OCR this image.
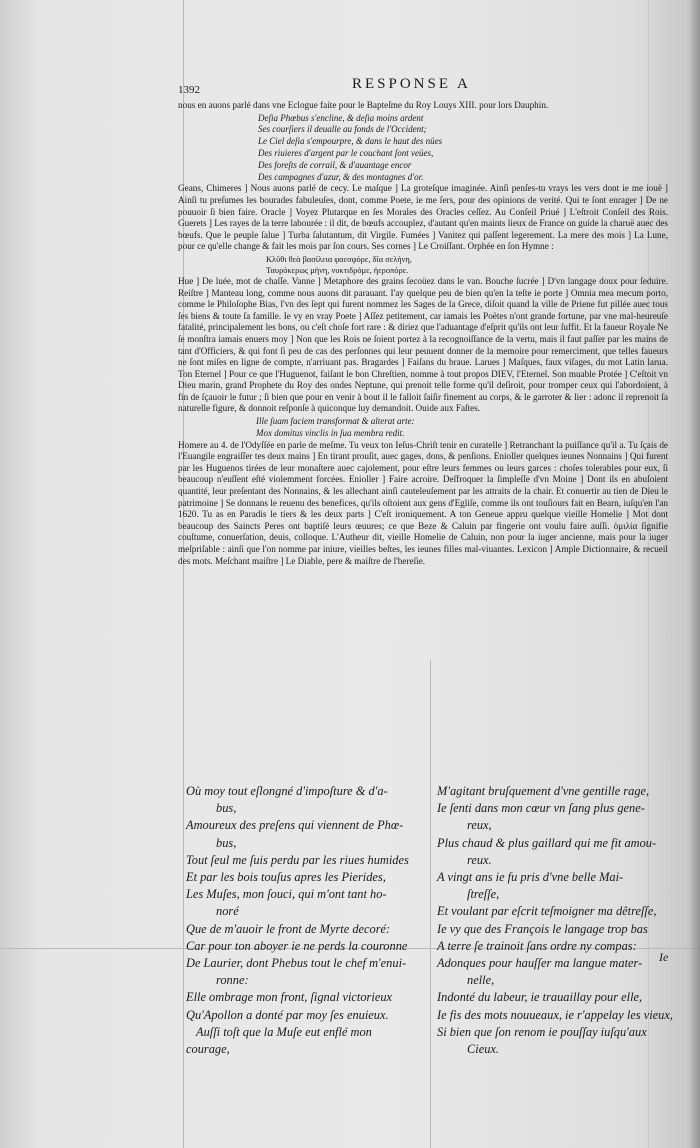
1392	RESPONSE A

nous en auons parlé dans vne Eclogue faite pour le Bapteſme du Roy Louys XIII. pour lors Dauphin.

Deſia Phœbus s'encline, & deſia moins ardent
Ses courſiers il deualle au fonds de l'Occident;
Le Ciel deſia s'empourpre, & dans le haut des nües
Des riuieres d'argent par le couchant ſont veües,
Des foreſts de corrail, & d'auantage encor
Des campagnes d'azur, & des montagnes d'or.

Geans, Chimeres ] Nous auons parlé de cecy. Le maſque ] La groteſque imaginée. Ainſi penſes-tu vrays les vers dont ie me iouë ] Ainſi tu preſumes les bourades fabuleuſes, dont, comme Poete, ie me ſers, pour des opinions de verité. Qui te ſont enrager ] De ne pouuoir ſi bien faire. Oracle ] Voyez Plutarque en ſes Morales des Oracles ceſſez. Au Conſeil Priué ] L'eſtroit Conſeil des Rois. Guerets ] Les rayes de la terre labourée : il dit, de bœufs accouplez, d'autant qu'en maints lieux de France on guide la charuë auec des bœufs. Que le peuple ſalue ] Turba ſalutantum, dit Virgile. Fumées ] Vanitez qui paſſent legerement. La mere des mois ] La Lune, pour ce qu'elle change & fait les mois par ſon cours. Ses cornes ] Le Croiſſant. Orphée en ſon Hymne :

Κλῦθι θεὰ βασίλεια φαεσφόρε, δῖα σελήνη,
Ταυρόκερως μήνη, νυκτιδρόμε, ἠεροπόρε.

Hue ] De luée, mot de chaſſe. Vanne ] Metaphore des grains ſecoüez dans le van. Bouche ſucrée ] D'vn langage doux pour ſeduire. Reiſtre ] Manteau long, comme nous auons dit parauant. I'ay quelque peu de bien qu'en la teſte ie porte ] Omnia mea mecum porto, comme le Philoſophe Bias, l'vn des ſept qui furent nommez les Sages de la Grece, diſoit quand la ville de Priene fut pillée auec tous ſes biens & toute ſa famille. Ie vy en vray Poete ] Aſſez petitement, car iamais les Poëtes n'ont grande fortune, par vne mal-heureuſe fatalité, principalement les bons, ou c'eſt choſe fort rare : & diriez que l'aduantage d'eſprit qu'ils ont leur ſuffit. Et la faueur Royale Ne ſe monſtra iamais enuers moy ] Non que les Rois ne ſoient portez à la recognoiſſance de la vertu, mais il faut paſſer par les mains de tant d'Officiers, & qui font ſi peu de cas des perſonnes qui leur peuuent donner de la memoire pour remerciment, que telles faueurs ne ſont miſes en ligne de compte, n'arriuant pas. Bragardes ] Faiſans du braue. Larues ] Maſques, faux viſages, du mot Latin larua. Ton Eternel ] Pour ce que l'Huguenot, faiſant le bon Chreſtien, nomme à tout propos DIEV, l'Eternel. Son muable Protée ] C'eſtoit vn Dieu marin, grand Prophete du Roy des ondes Neptune, qui prenoit telle forme qu'il deſiroit, pour tromper ceux qui l'abordoient, à fin de ſçauoir le futur ; ſi bien que pour en venir à bout il le falloit ſaiſir finement au corps, & le garroter & lier : adonc il reprenoit ſa naturelle figure, & donnoit reſponſe à quiconque luy demandoit. Ouide aux Faſtes.

Ille ſuam faciem transformat & alterat arte:
Mox domitus vinclis in ſua membra redit.

Homere au 4. de l'Odyſſée en parle de meſme. Tu veux ton Ieſus-Chriſt tenir en curatelle ] Retranchant la puiſſance qu'il a. Tu ſçais de l'Euangile engraiſſer tes deux mains ] En tirant prouſit, auec gages, dons, & penſions. Enioller quelques ieunes Nonnains ] Qui furent par les Huguenos tirées de leur monaſtere auec cajolement, pour eſtre leurs femmes ou leurs garces : choſes tolerables pour eux, ſi beaucoup n'euſſent eſté violemment forcées. Enioller ] Faire acroire. Deſfroquer la ſimpleſſe d'vn Moine ] Dont ils en abuſoient quantité, leur preſentant des Nonnains, & les allechant ainſi cauteleuſement par les attraits de la chair. Et conuertir au tien de Dieu le patrimoine ] Se donnans le reuenu des benefices, qu'ils oſtoient aux gens d'Egliſe, comme ils ont touſiours fait en Bearn, iuſqu'en l'an 1620. Tu as en Paradis le tiers & les deux parts ] C'eſt ironiquement. A ton Geneue appru quelque vieille Homelie ] Mot dont beaucoup des Saincts Peres ont baptiſé leurs œuures; ce que Beze & Caluin par fingerie ont voulu faire auſſi. ὁμιλία ſignifie couſtume, conuerſation, deuis, colloque. L'Autheur dit, vieille Homelie de Caluin, non pour la iuger ancienne, mais pour la iuger meſpriſable : ainſi que l'on nomme par iniure, vieilles beſtes, les ieunes filles mal-viuantes. Lexicon ] Ample Dictionnaire, & recueil des mots. Meſchant maiſtre ] Le Diable, pere & maiſtre de l'hereſie.

Où moy tout eſlongné d'impoſture & d'a-
bus,
Amoureux des preſens qui viennent de Phœ-
bus,
Tout ſeul me ſuis perdu par les riues humides
Et par les bois touſus apres les Pierides,
Les Muſes, mon ſouci, qui m'ont tant ho-
noré
Que de m'auoir le front de Myrte decoré:
Car pour ton aboyer ie ne perds la couronne
De Laurier, dont Phebus tout le chef m'enui-
ronne:
Elle ombrage mon front, ſignal victorieux
Qu'Apollon a donté par moy ſes enuieux.
Auſſi toſt que la Muſe eut enflé mon
courage,
M'agitant bruſquement d'vne gentille rage,
Ie ſenti dans mon cœur vn ſang plus gene-
reux,
Plus chaud & plus gaillard qui me fit amou-
reux.
A vingt ans ie fu pris d'vne belle Mai-
ſtreſſe,
Et voulant par eſcrit teſmoigner ma dêtreſſe,
Ie vy que des François le langage trop bas
A terre ſe trainoit ſans ordre ny compas:
Adonques pour hauſſer ma langue mater-
nelle,
Indonté du labeur, ie trauaillay pour elle,
Ie fis des mots nouueaux, ie r'appelay les vieux,
Si bien que ſon renom ie pouſſay iuſqu'aux
Cieux.
Ie
